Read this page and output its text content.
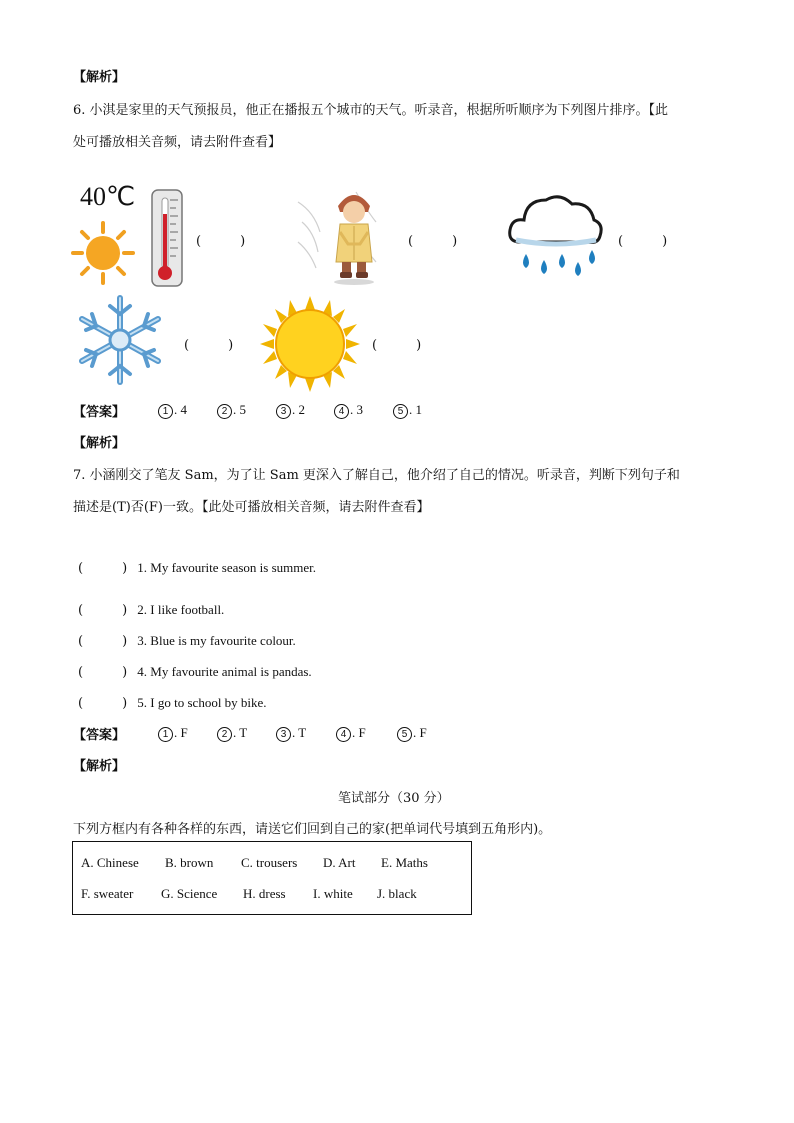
【解析】
6. 小淇是家里的天气预报员，他正在播报五个城市的天气。听录音，根据所听顺序为下列图片排序。【此
处可播放相关音频，请去附件查看】
40℃
(　　　)	(　　　)	(　　　)
(　　　)	(　　　)
【答案】	1 . 4	2 . 5	3 . 2	4 . 3	5 . 1
【解析】
7. 小涵刚交了笔友 Sam，为了让 Sam 更深入了解自己，他介绍了自己的情况。听录音，判断下列句子和
描述是(T)否(F)一致。【此处可播放相关音频，请去附件查看】
(　　　) 1. My favourite season is summer.
(　　　) 2. I like football.
(　　　) 3. Blue is my favourite colour.
(　　　) 4. My favourite animal is pandas.
(　　　) 5. I go to school by bike.
【答案】	1 . F	2 . T	3 . T	4 . F	5 . F
【解析】
笔试部分（30 分）
下列方框内有各种各样的东西，请送它们回到自己的家(把单词代号填到五角形内)。
A. Chinese B. brown C. trousers D. Art E. Maths
F. sweater G. Science H. dress I. white J. black
